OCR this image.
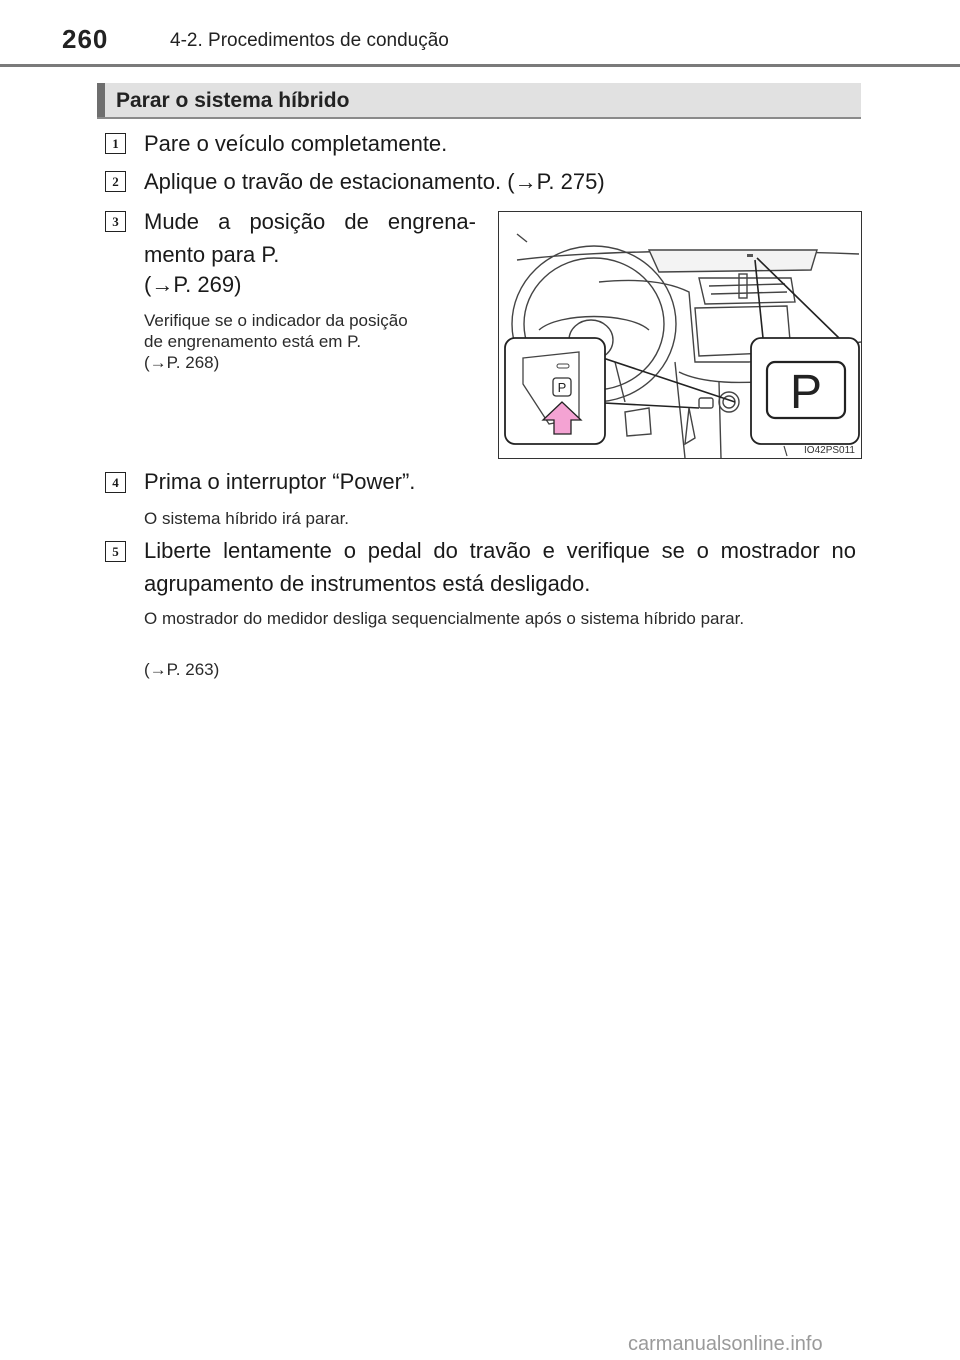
260	4-2. Procedimentos de condução
Parar o sistema híbrido
1	Pare o veículo completamente.
2	Aplique o travão de estacionamento. (→P. 275)
3	Mude a posição de engrena-
mento para P.
(→P. 269)
Verifique se o indicador da posição
de engrenamento está em P.
(→P. 268)
P	P
IO42PS011
4	Prima o interruptor “Power”.
O sistema híbrido irá parar.
5	Liberte lentamente o pedal do travão e verifique se o mostrador no agrupamento de instrumentos está desligado.
O mostrador do medidor desliga sequencialmente após o sistema híbrido parar.
(→P. 263)
carmanualsonline.info
